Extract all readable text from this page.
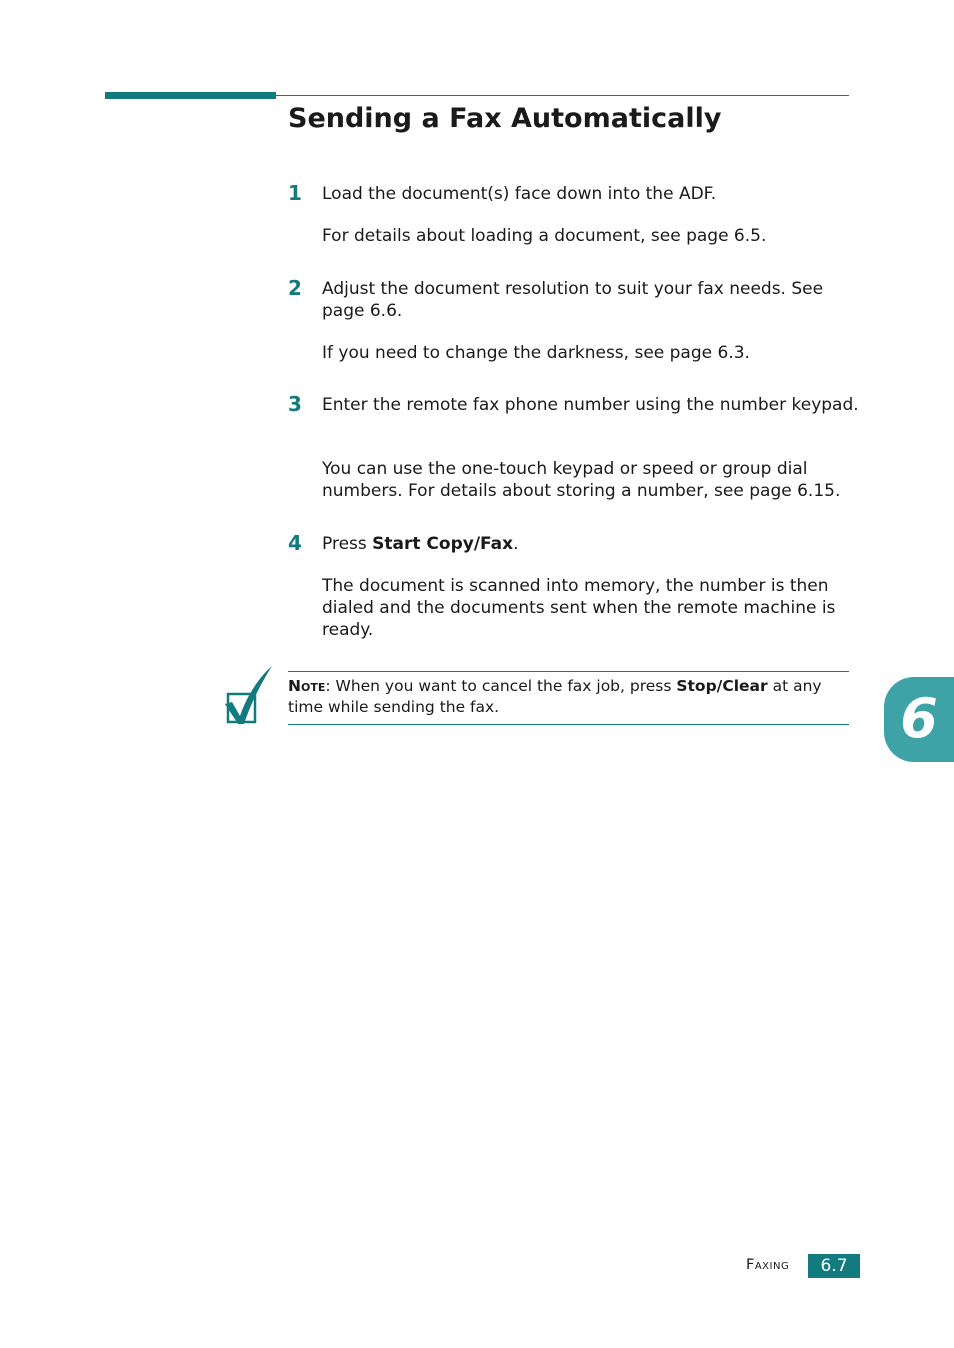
Sending a Fax Automatically
1 Load the document(s) face down into the ADF.

For details about loading a document, see page 6.5.

2 Adjust the document resolution to suit your fax needs. See page 6.6.

If you need to change the darkness, see page 6.3.

3 Enter the remote fax phone number using the number keypad.

You can use the one-touch keypad or speed or group dial numbers. For details about storing a number, see page 6.15.

4 Press Start Copy/Fax.

The document is scanned into memory, the number is then dialed and the documents sent when the remote machine is ready.

Note: When you want to cancel the fax job, press Stop/Clear at any time while sending the fax.	6
Faxing	6.7
